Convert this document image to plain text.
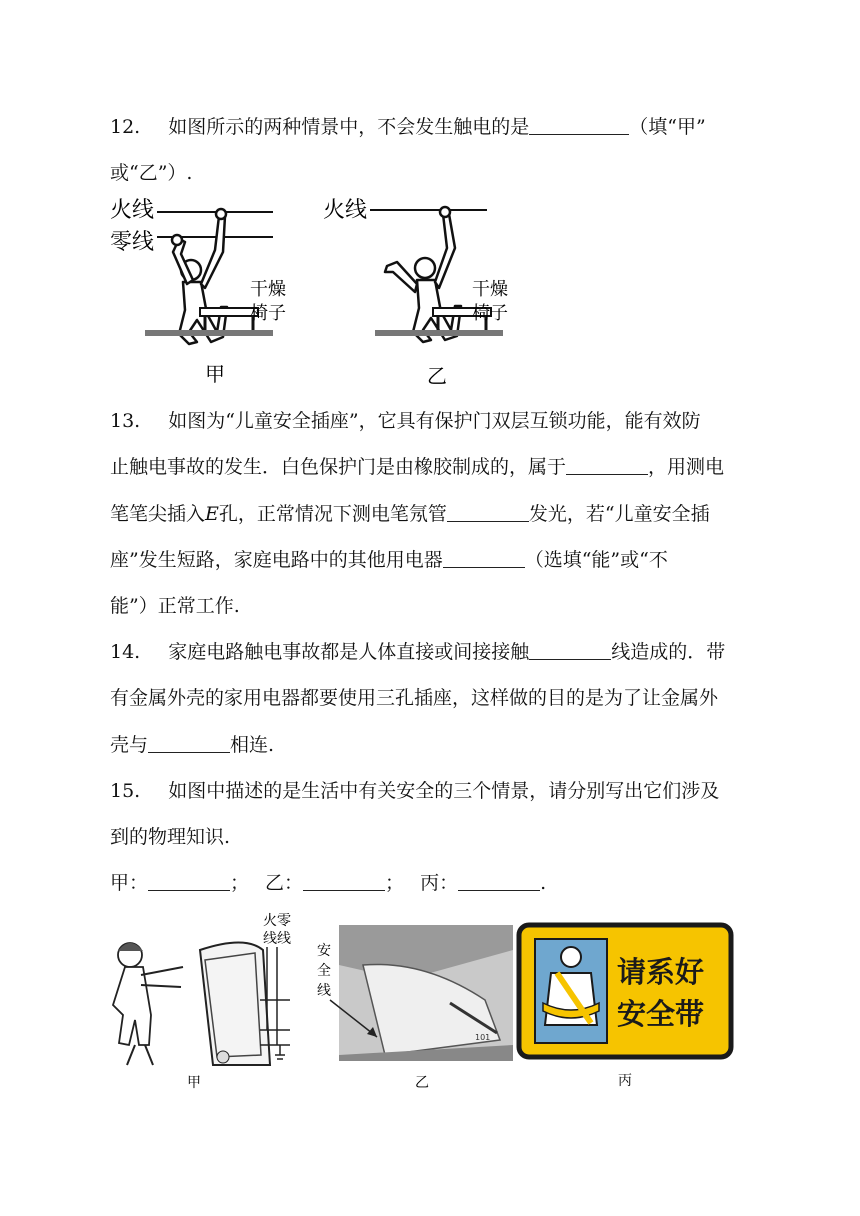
12. 如图所示的两种情景中，不会发生触电的是	（填“甲”
或“乙”）.
火线
零线
干燥
椅子
甲
火线
干燥
椅子
乙
13. 如图为“儿童安全插座”，它具有保护门双层互锁功能，能有效防
止触电事故的发生．白色保护门是由橡胶制成的，属于	，用测电
笔笔尖插入E孔，正常情况下测电笔氖管	发光，若“儿童安全插
座”发生短路，家庭电路中的其他用电器	（选填“能”或“不
能”）正常工作.
14. 家庭电路触电事故都是人体直接或间接接触	线造成的．带
有金属外壳的家用电器都要使用三孔插座，这样做的目的是为了让金属外
壳与	相连.
15. 如图中描述的是生活中有关安全的三个情景，请分别写出它们涉及
到的物理知识.
甲：	； 乙：	； 丙：	.
火零
线线
甲
101
安
全
线
乙
请系好
安全带
丙
